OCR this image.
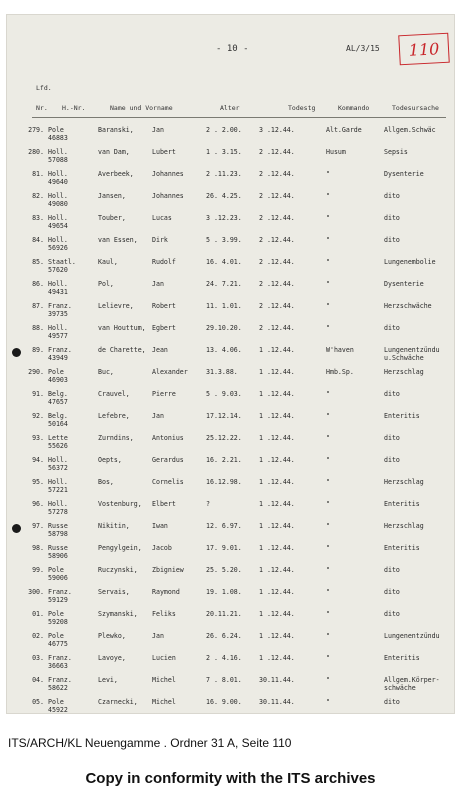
- 10 -	AL/3/15	110
Lfd.
Nr. H.-Nr.	Name und Vorname	Alter	Todestg	Kommando	Todesursache
279. Pole	Baranski,	Jan	2 . 2.00.	3 .12.44.	Alt.Garde	Allgem.Schwäc
46883
280. Holl.	van Dam,	Lubert	1 . 3.15.	2 .12.44.	Husum	Sepsis
57088
81. Holl.	Averbeek,	Johannes	2 .11.23.	2 .12.44.	"	Dysenterie
49640
82. Holl.	Jansen,	Johannes	26. 4.25.	2 .12.44.	"	dito
49080
83. Holl.	Touber,	Lucas	3 .12.23.	2 .12.44.	"	dito
49654
84. Holl.	van Essen, Dirk	5 . 3.99.	2 .12.44.	"	dito
56926
85. Staatl.	Kaul,	Rudolf	16. 4.01.	2 .12.44.	"	Lungenembolie
57620
86. Holl.	Pol,	Jan	24. 7.21.	2 .12.44.	"	Dysenterie
49431
87. Franz.	Lelievre,	Robert	11. 1.01.	2 .12.44.	"	Herzschwäche
39735
88. Holl.	van Houttum, Egbert	29.10.20.	2 .12.44.	"	dito
49577
89. Franz.	de Charette, Jean	13. 4.06.	1 .12.44.	W'haven	Lungenentzündu
43949	u.Schwäche
290. Pole	Buc,	Alexander	31.3.88.	1 .12.44.	Hmb.Sp.	Herzschlag
46903
91. Belg.	Crauvel,	Pierre	5 . 9.03.	1 .12.44.	"	dito
47657
92. Belg.	Lefebre,	Jan	17.12.14.	1 .12.44.	"	Enteritis
50164
93. Lette	Zurndins,	Antonius	25.12.22.	1 .12.44.	"	dito
55626
94. Holl.	Oepts,	Gerardus	16. 2.21.	1 .12.44.	"	dito
56372
95. Holl.	Bos,	Cornelis	16.12.98.	1 .12.44.	"	Herzschlag
57221
96. Holl.	Vostenburg, Elbert	?	1 .12.44.	"	Enteritis
57278
97. Russe	Nikitin,	Iwan	12. 6.97.	1 .12.44.	"	Herzschlag
58798
98. Russe	Pengylgein, Jacob	17. 9.01.	1 .12.44.	"	Enteritis
58906
99. Pole	Ruczynski, Zbigniew	25. 5.20.	1 .12.44.	"	dito
59006
300. Franz.	Servais,	Raymond	19. 1.08.	1 .12.44.	"	dito
59129
01. Pole	Szymanski, Feliks	20.11.21.	1 .12.44.	"	dito
59208
02. Pole	Plewko,	Jan	26. 6.24.	1 .12.44.	"	Lungenentzündu
46775
03. Franz.	Lavoye,	Lucien	2 . 4.16.	1 .12.44.	"	Enteritis
36663
04. Franz.	Levi,	Michel	7 . 8.01.	30.11.44.	"	Allgem.Körper-
58622	schwäche
05. Pole	Czarnecki, Michel	16. 9.00.	30.11.44.	"	dito
45922
ITS/ARCH/KL Neuengamme . Ordner 31 A, Seite 110
Copy in conformity with the ITS archives
